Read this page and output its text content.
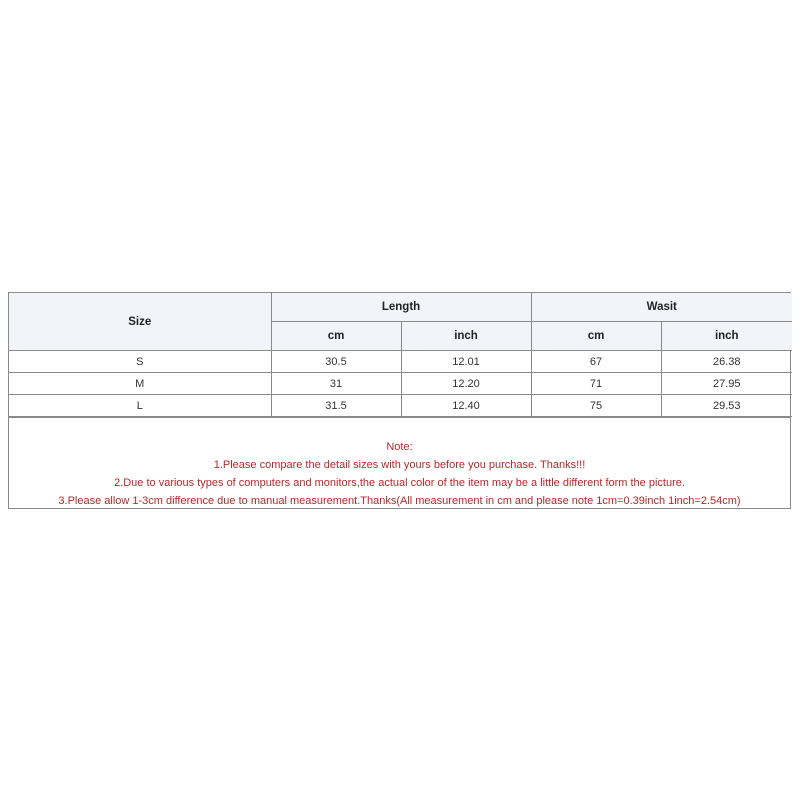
Size	Length		Wasit	
	cm	inch	cm	inch
S	30.5	12.01	67	26.38
M	31	12.20	71	27.95
L	31.5	12.40	75	29.53
Note:
1.Please compare the detail sizes with yours before you purchase. Thanks!!!
2.Due to various types of computers and monitors,the actual color of the item may be a little different form the picture.
3.Please allow 1-3cm difference due to manual measurement.Thanks(All measurement in cm and please note 1cm=0.39inch 1inch=2.54cm)
